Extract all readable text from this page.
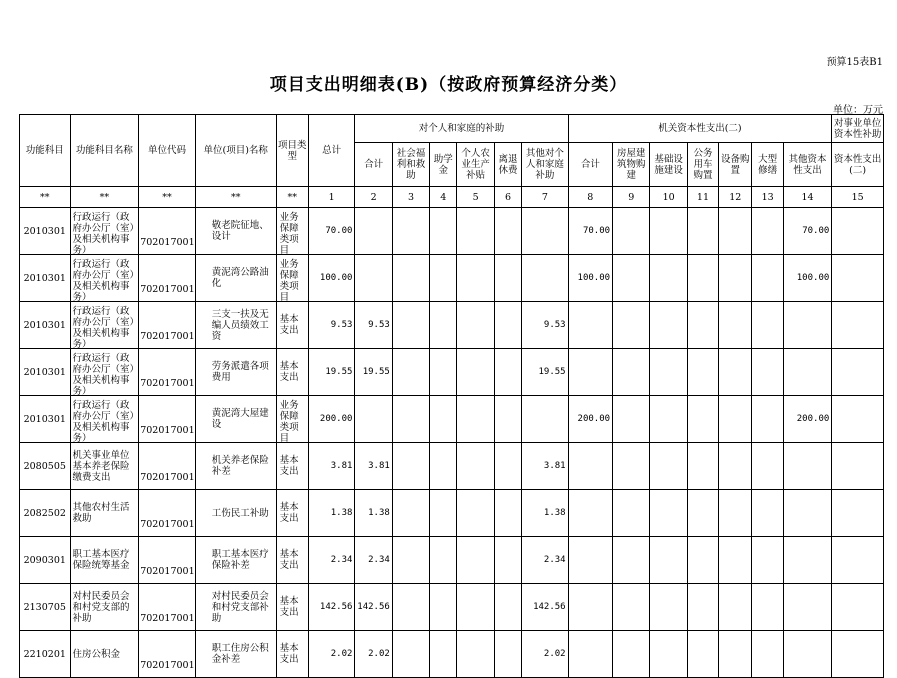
预算15表B1
项目支出明细表(B)（按政府预算经济分类）
单位：万元
功能科目	功能科目名称	单位代码	单位(项目)名称	项目类型	总计	对个人和家庭的补助						机关资本性支出(二)							对事业单位资本性补助
						合计	社会福利和救助	助学金	个人农业生产补贴	离退休费	其他对个人和家庭补助	合计	房屋建筑物购建	基础设施建设	公务用车购置	设备购置	大型修缮	其他资本性支出	资本性支出(二)
**	**	**	**	**	1	2	3	4	5	6	7	8	9	10	11	12	13	14	15
2010301	行政运行（政府办公厅（室）及相关机构事务）	702017001	敬老院征地、设计	业务保障类项目	70.00							70.00						70.00	
2010301	行政运行（政府办公厅（室）及相关机构事务）	702017001	黄泥湾公路油化	业务保障类项目	100.00							100.00						100.00	
2010301	行政运行（政府办公厅（室）及相关机构事务）	702017001	三支一扶及无编人员绩效工资	基本支出	9.53	9.53					9.53								
2010301	行政运行（政府办公厅（室）及相关机构事务）	702017001	劳务派遣各项费用	基本支出	19.55	19.55					19.55								
2010301	行政运行（政府办公厅（室）及相关机构事务）	702017001	黄泥湾大屋建设	业务保障类项目	200.00							200.00						200.00	
2080505	机关事业单位基本养老保险缴费支出	702017001	机关养老保险补差	基本支出	3.81	3.81					3.81								
2082502	其他农村生活救助	702017001	工伤民工补助	基本支出	1.38	1.38					1.38								
2090301	职工基本医疗保险统筹基金	702017001	职工基本医疗保险补差	基本支出	2.34	2.34					2.34								
2130705	对村民委员会和村党支部的补助	702017001	对村民委员会和村党支部补助	基本支出	142.56	142.56					142.56								
2210201	住房公积金	702017001	职工住房公积金补差	基本支出	2.02	2.02					2.02								
